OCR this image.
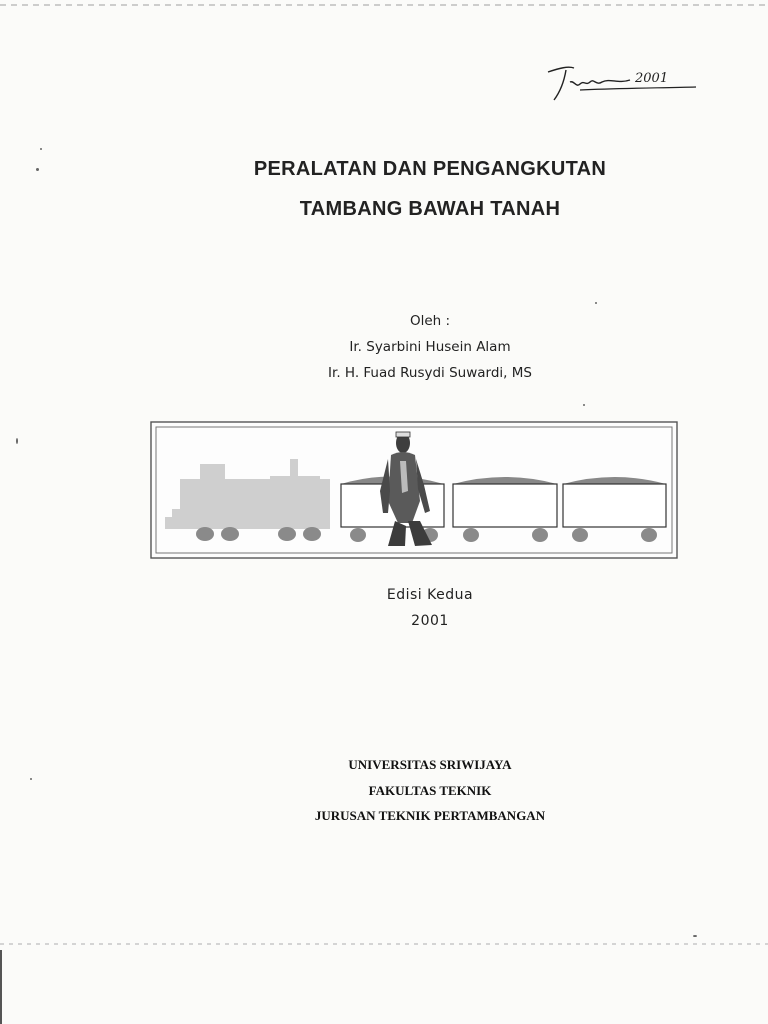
2001
PERALATAN DAN PENGANGKUTAN
TAMBANG BAWAH TANAH
Oleh :
Ir. Syarbini Husein Alam
Ir. H. Fuad Rusydi Suwardi, MS
Edisi Kedua
2001
UNIVERSITAS SRIWIJAYA
FAKULTAS TEKNIK
JURUSAN TEKNIK PERTAMBANGAN
